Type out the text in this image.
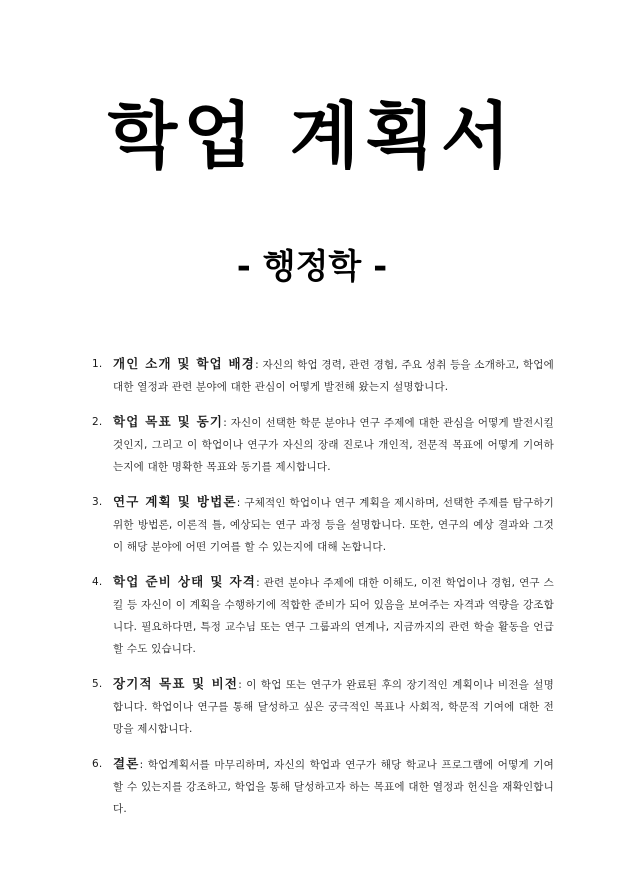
학업 계획서
- 행정학 -
1. 개인 소개 및 학업 배경: 자신의 학업 경력, 관련 경험, 주요 성취 등을 소개하고, 학업에 대한 열정과 관련 분야에 대한 관심이 어떻게 발전해 왔는지 설명합니다.
2. 학업 목표 및 동기: 자신이 선택한 학문 분야나 연구 주제에 대한 관심을 어떻게 발전시킬 것인지, 그리고 이 학업이나 연구가 자신의 장래 진로나 개인적, 전문적 목표에 어떻게 기여하는지에 대한 명확한 목표와 동기를 제시합니다.
3. 연구 계획 및 방법론: 구체적인 학업이나 연구 계획을 제시하며, 선택한 주제를 탐구하기 위한 방법론, 이론적 틀, 예상되는 연구 과정 등을 설명합니다. 또한, 연구의 예상 결과와 그것이 해당 분야에 어떤 기여를 할 수 있는지에 대해 논합니다.
4. 학업 준비 상태 및 자격: 관련 분야나 주제에 대한 이해도, 이전 학업이나 경험, 연구 스킬 등 자신이 이 계획을 수행하기에 적합한 준비가 되어 있음을 보여주는 자격과 역량을 강조합니다. 필요하다면, 특정 교수님 또는 연구 그룹과의 연계나, 지금까지의 관련 학술 활동을 언급할 수도 있습니다.
5. 장기적 목표 및 비전: 이 학업 또는 연구가 완료된 후의 장기적인 계획이나 비전을 설명합니다. 학업이나 연구를 통해 달성하고 싶은 궁극적인 목표나 사회적, 학문적 기여에 대한 전망을 제시합니다.
6. 결론: 학업계획서를 마무리하며, 자신의 학업과 연구가 해당 학교나 프로그램에 어떻게 기여할 수 있는지를 강조하고, 학업을 통해 달성하고자 하는 목표에 대한 열정과 헌신을 재확인합니다.
